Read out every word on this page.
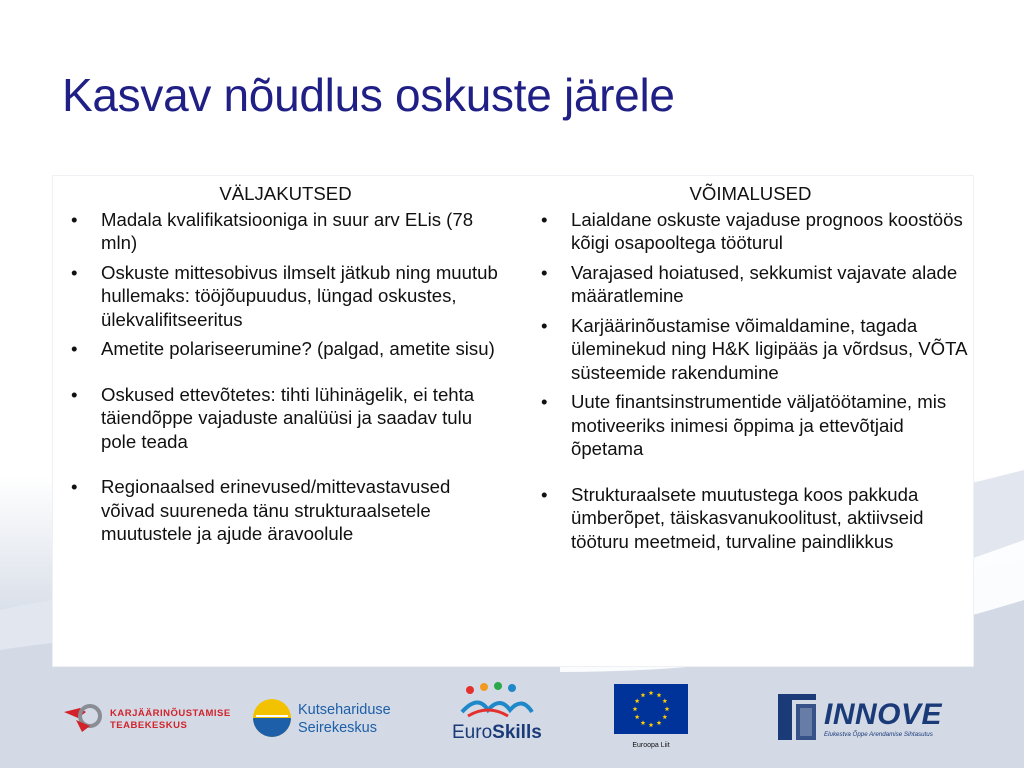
Kasvav nõudlus oskuste järele
VÄLJAKUTSED
• Madala kvalifikatsiooniga in suur arv ELis (78 mln)
• Oskuste mittesobivus ilmselt jätkub ning muutub hullemaks: tööjõupuudus, lüngad oskustes, ülekvalifitseeritus
• Ametite polariseerumine? (palgad, ametite sisu)
• Oskused ettevõtetes: tihti lühinägelik, ei tehta täiendõppe vajaduste analüüsi ja saadav tulu pole teada
• Regionaalsed erinevused/mittevastavused võivad suureneda tänu strukturaalsetele muutustele ja ajude äravoolule
VÕIMALUSED
• Laialdane oskuste vajaduse prognoos koostöös kõigi osapooltega tööturul
• Varajased hoiatused, sekkumist vajavate alade määratlemine
• Karjäärinõustamise võimaldamine, tagada üleminekud ning H&K ligipääs ja võrdsus, VÕTA süsteemide rakendumine
• Uute finantsinstrumentide väljatöötamine, mis motiveeriks inimesi õppima ja ettevõtjaid õpetama
• Strukturaalsete muutustega koos pakkuda ümberõpet, täiskasvanukoolitust, aktiivseid tööturu meetmeid, turvaline paindlikkus
KARJÄÄRINÕUSTAMISE
TEABEKESKUS
Kutsehariduse
Seirekeskus	EuroSkills
Euroopa Liit
INNOVE
Elukestva Õppe Arendamise Sihtasutus
